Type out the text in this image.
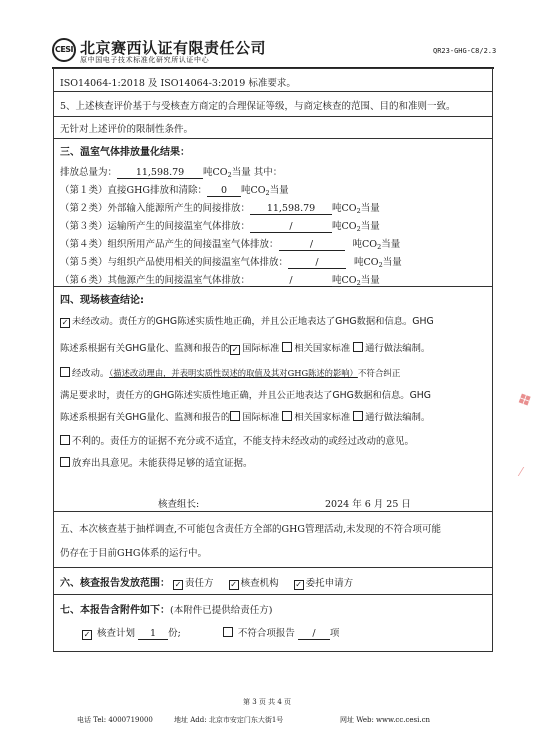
CESI 北京赛西认证有限责任公司
原中国电子技术标准化研究所认证中心
QR23-GHG-C8/2.3
ISO14064-1:2018 及 ISO14064-3:2019 标准要求。
5、上述核查评价基于与受核查方商定的合理保证等级，与商定核查的范围、目的和准则一致。
无针对上述评价的限制性条件。
三、温室气体排放量化结果：
排放总量为： 11,598.79 吨$CO_2$当量 其中：
（第１类）直接GHG排放和清除： 0 吨$CO_2$当量
（第２类）外部输入能源所产生的间接排放： 11,598.79 吨$CO_2$当量
（第３类）运输所产生的间接温室气体排放：	/	吨$CO_2$当量
（第４类）组织所用产品产生的间接温室气体排放：	/	吨$CO_2$当量
（第５类）与组织产品使用相关的间接温室气体排放：	/	吨$CO_2$当量
（第６类）其他源产生的间接温室气体排放：	/	吨$CO_2$当量
四、现场核查结论:
✓未经改动。责任方的GHG陈述实质性地正确，并且公正地表达了GHG数据和信息。GHG
陈述系根据有关GHG量化、监测和报告的 ✓ 国际标准 相关国家标准 通行做法编制。
经改动。（描述改动理由，并表明实质性误述的取值及其对GHG陈述的影响）不符合纠正
满足要求时，责任方的GHG陈述实质性地正确，并且公正地表达了GHG数据和信息。GHG
陈述系根据有关GHG量化、监测和报告的 国际标准 相关国家标准 通行做法编制。
不利的。责任方的证据不充分或不适宜，不能支持未经改动的或经过改动的意见。
放弃出具意见。未能获得足够的适宜证据。
核查组长:	2024 年 6 月 25 日
五、本次核查基于抽样调查,不可能包含责任方全部的GHG管理活动,未发现的不符合项可能
仍存在于目前GHG体系的运行中。
六、核查报告发放范围： ✓ 责任方 ✓	核查机构 ✓	委托申请方
七、本报告含附件如下：(本附件已提供给责任方)
✓ 核查计划 1 份;	不符合项报告 / 项
❖
⁄
第 3 页 共 4 页
电话 Tel: 4000719000	地址 Add: 北京市安定门东大街1号	网址 Web: www.cc.cesi.cn
